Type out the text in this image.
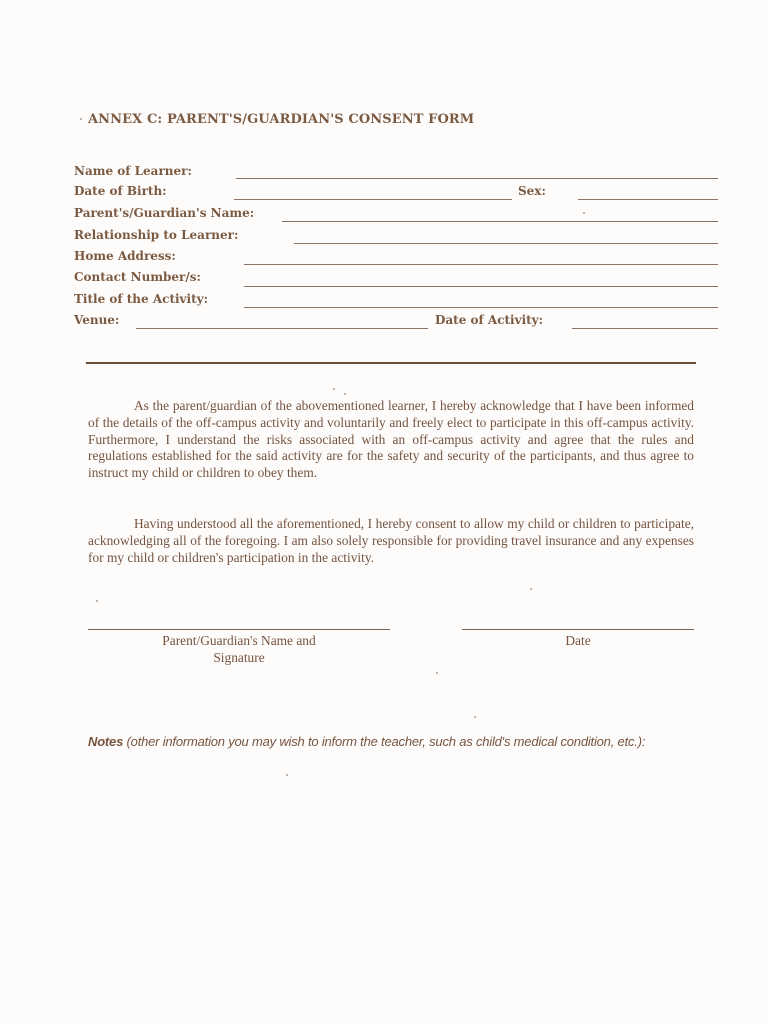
ANNEX C: PARENT'S/GUARDIAN'S CONSENT FORM
Name of Learner:
Date of Birth:	Sex:
Parent's/Guardian's Name:
Relationship to Learner:
Home Address:
Contact Number/s:
Title of the Activity:
Venue:	Date of Activity:

As the parent/guardian of the abovementioned learner, I hereby acknowledge that I have been informed of the details of the off-campus activity and voluntarily and freely elect to participate in this off-campus activity. Furthermore, I understand the risks associated with an off-campus activity and agree that the rules and regulations established for the said activity are for the safety and security of the participants, and thus agree to instruct my child or children to obey them.

Having understood all the aforementioned, I hereby consent to allow my child or children to participate, acknowledging all of the foregoing. I am also solely responsible for providing travel insurance and any expenses for my child or children's participation in the activity.

Parent/Guardian's Name and
Signature
Date
Notes (other information you may wish to inform the teacher, such as child's medical condition, etc.):
